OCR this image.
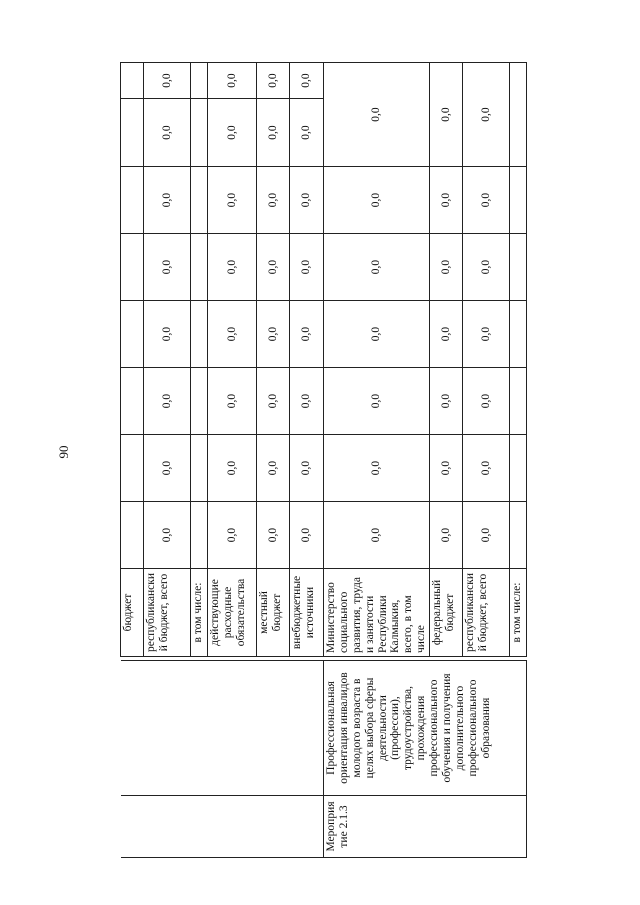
90
			бюджет								
			республиканский бюджет, всего	0,0	0,0	0,0	0,0	0,0	0,0	0,0	0,0
			в том числе:								
			действующие расходные обязательства	0,0	0,0	0,0	0,0	0,0	0,0	0,0	0,0
			местный бюджет	0,0	0,0	0,0	0,0	0,0	0,0	0,0	0,0
			внебюджетные источники	0,0	0,0	0,0	0,0	0,0	0,0	0,0	0,0
Мероприятие 2.1.3	Профессиональная ориентация инвалидов молодого возраста в целях выбора сферы деятельности (профессии), трудоустройства, прохождения профессионального обучения и получения дополнительного профессионального образования		Министерство социального развития, труда и занятости Республики Калмыкия, всего, в том числе	0,0	0,0	0,0	0,0	0,0	0,0	0,0	
			федеральный бюджет	0,0	0,0	0,0	0,0	0,0	0,0	0,0	
			республиканский бюджет, всего	0,0	0,0	0,0	0,0	0,0	0,0	0,0	
			в том числе:								
